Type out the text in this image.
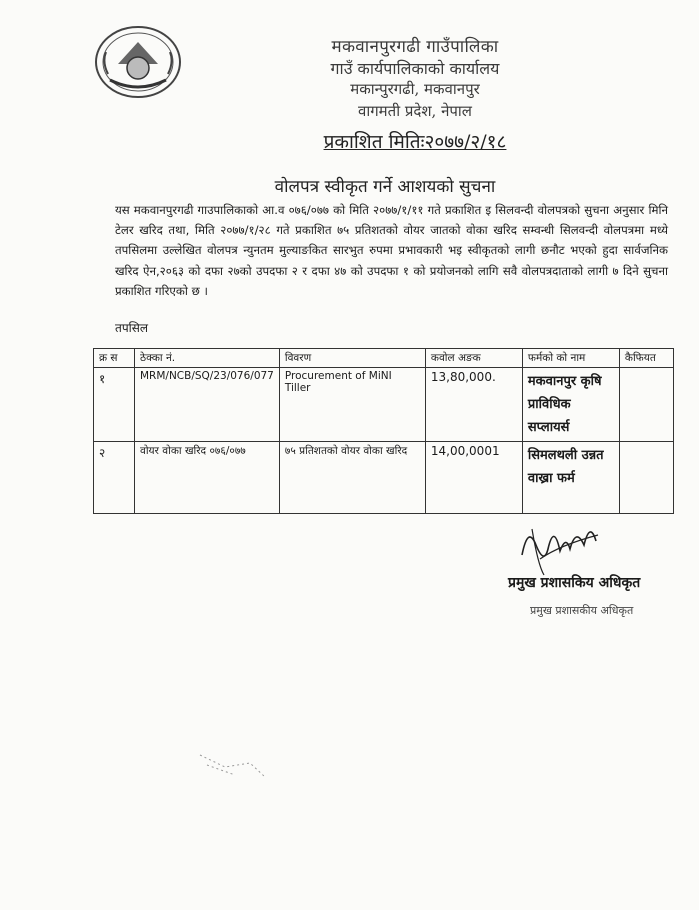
मकवानपुरगढी गाउँपालिका
गाउँ कार्यपालिकाको कार्यालय
मकान्पुरगढी, मकवानपुर
वागमती प्रदेश, नेपाल
प्रकाशित मितिः२०७७/२/१८
वोलपत्र स्वीकृत गर्ने आशयको सुचना

यस मकवानपुरगढी गाउपालिकाको आ.व ०७६/०७७ को मिति २०७७/१/११ गते प्रकाशित इ सिलवन्दी वोलपत्रको सुचना अनुसार मिनि टेलर खरिद तथा, मिति २०७७/१/२८ गते प्रकाशित ७५ प्रतिशतको वोयर जातको वोका खरिद सम्वन्धी सिलवन्दी वोलपत्रमा मध्ये तपसिलमा उल्लेखित वोलपत्र न्युनतम मुल्याङकित सारभुत रुपमा प्रभावकारी भइ स्वीकृतको लागी छनौट भएको हुदा सार्वजनिक खरिद ऐन,२०६३ को दफा २७को उपदफा २ र दफा ४७ को उपदफा १ को प्रयोजनको लागि सवै वोलपत्रदाताको लागी ७ दिने सुचना प्रकाशित गरिएको छ ।

तपसिल
क्र स	ठेक्का नं.	विवरण	कवोल अङक	फर्मको को नाम	कैफियत
१	MRM/NCB/SQ/23/076/077	Procurement of MiNI Tiller	13,80,000.	मकवानपुर कृषि प्राविधिक सप्लायर्स	
२	वोयर वोका खरिद ०७६/०७७	७५ प्रतिशतको वोयर वोका खरिद	14,00,0001	सिमलथली उन्नत वाख्रा फर्म	
प्रमुख प्रशासकिय अधिकृत
प्रमुख प्रशासकीय अधिकृत
